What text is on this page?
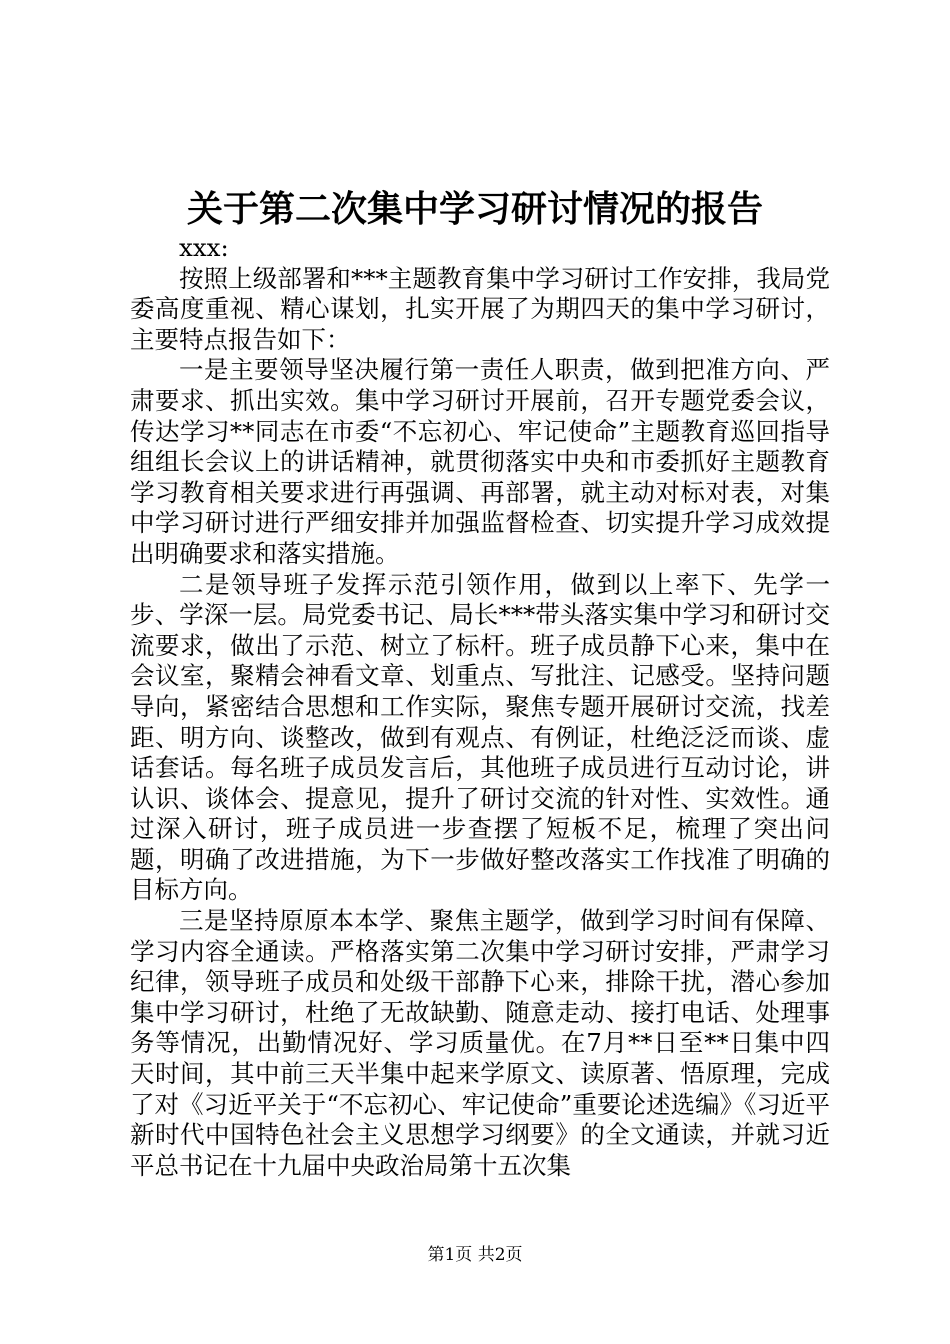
关于第二次集中学习研讨情况的报告

xxx:

按照上级部署和***主题教育集中学习研讨工作安排，我局党委高度重视、精心谋划，扎实开展了为期四天的集中学习研讨，主要特点报告如下：

一是主要领导坚决履行第一责任人职责，做到把准方向、严肃要求、抓出实效。集中学习研讨开展前，召开专题党委会议，传达学习**同志在市委“不忘初心、牢记使命”主题教育巡回指导组组长会议上的讲话精神，就贯彻落实中央和市委抓好主题教育学习教育相关要求进行再强调、再部署，就主动对标对表，对集中学习研讨进行严细安排并加强监督检查、切实提升学习成效提出明确要求和落实措施。

二是领导班子发挥示范引领作用，做到以上率下、先学一步、学深一层。局党委书记、局长***带头落实集中学习和研讨交流要求，做出了示范、树立了标杆。班子成员静下心来，集中在会议室，聚精会神看文章、划重点、写批注、记感受。坚持问题导向，紧密结合思想和工作实际，聚焦专题开展研讨交流，找差距、明方向、谈整改，做到有观点、有例证，杜绝泛泛而谈、虚话套话。每名班子成员发言后，其他班子成员进行互动讨论，讲认识、谈体会、提意见，提升了研讨交流的针对性、实效性。通过深入研讨，班子成员进一步查摆了短板不足，梳理了突出问题，明确了改进措施，为下一步做好整改落实工作找准了明确的目标方向。

三是坚持原原本本学、聚焦主题学，做到学习时间有保障、学习内容全通读。严格落实第二次集中学习研讨安排，严肃学习纪律，领导班子成员和处级干部静下心来，排除干扰，潜心参加集中学习研讨，杜绝了无故缺勤、随意走动、接打电话、处理事务等情况，出勤情况好、学习质量优。在7月**日至**日集中四天时间，其中前三天半集中起来学原文、读原著、悟原理，完成了对《习近平关于“不忘初心、牢记使命”重要论述选编》《习近平新时代中国特色社会主义思想学习纲要》的全文通读，并就习近平总书记在十九届中央政治局第十五次集

第1页 共2页
